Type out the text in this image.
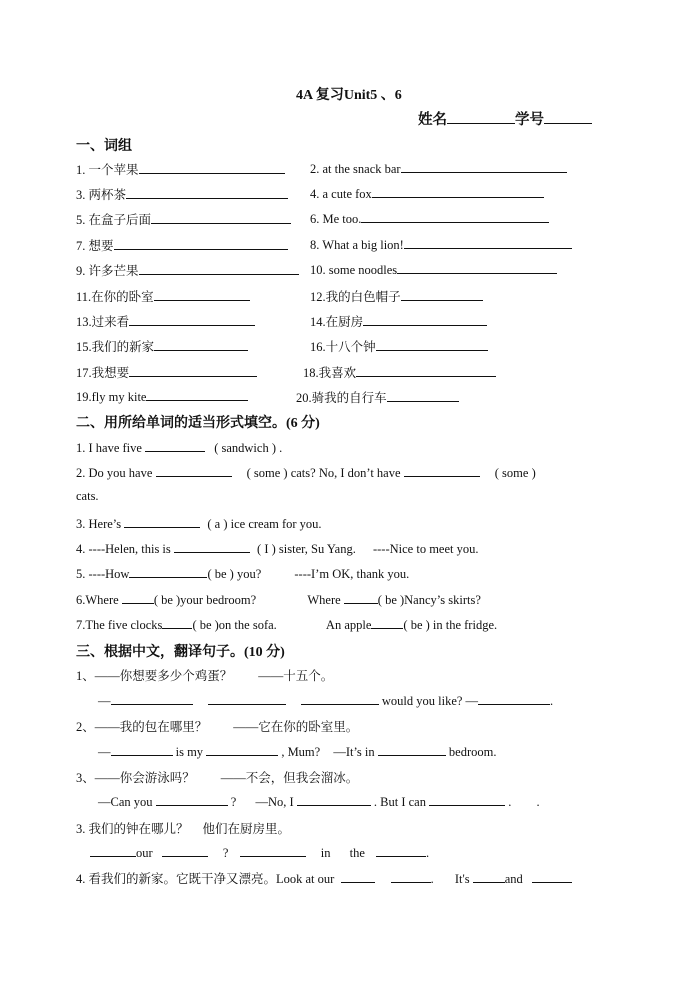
4A 复习Unit5 、6
姓名	学号
一、词组
1. 一个苹果	2. at the snack bar
3. 两杯茶	4. a cute fox
5. 在盒子后面	6. Me too.
7. 想要	8. What a big lion!
9. 许多芒果	10. some noodles
11.在你的卧室	12.我的白色帽子
13.过来看	14.在厨房
15.我们的新家	16.十八个钟
17.我想要	18.我喜欢
19.fly my kite	20.骑我的自行车
二、用所给单词的适当形式填空。(6 分)
1. I have five	( sandwich ) .
2. Do you have	( some ) cats? No, I don’t have	( some )
cats.
3. Here’s	( a ) ice cream for you.
4. ----Helen, this is	( I ) sister, Su Yang. ----Nice to meet you.
5. ----How	( be ) you?	----I’m OK, thank you.
6.Where	( be )your bedroom?	Where	( be )Nancy’s skirts?
7.The five clocks ( be )on the sofa.	An apple	( be ) in the fridge.
三、根据中文，翻译句子。(10 分)
1、——你想要多少个鸡蛋？ ——十五个。
—	would you like? —	.
2、——我的包在哪里？ ——它在你的卧室里。
—	is my	, Mum? —It’s in	bedroom.
3、——你会游泳吗？ ——不会，但我会溜冰。
—Can you	? —No, I	. But I can	. .
3. 我们的钟在哪儿？ 他们在厨房里。
our	?	in the	.
4. 看我们的新家。它既干净又漂亮。Look at our	. It's	and
